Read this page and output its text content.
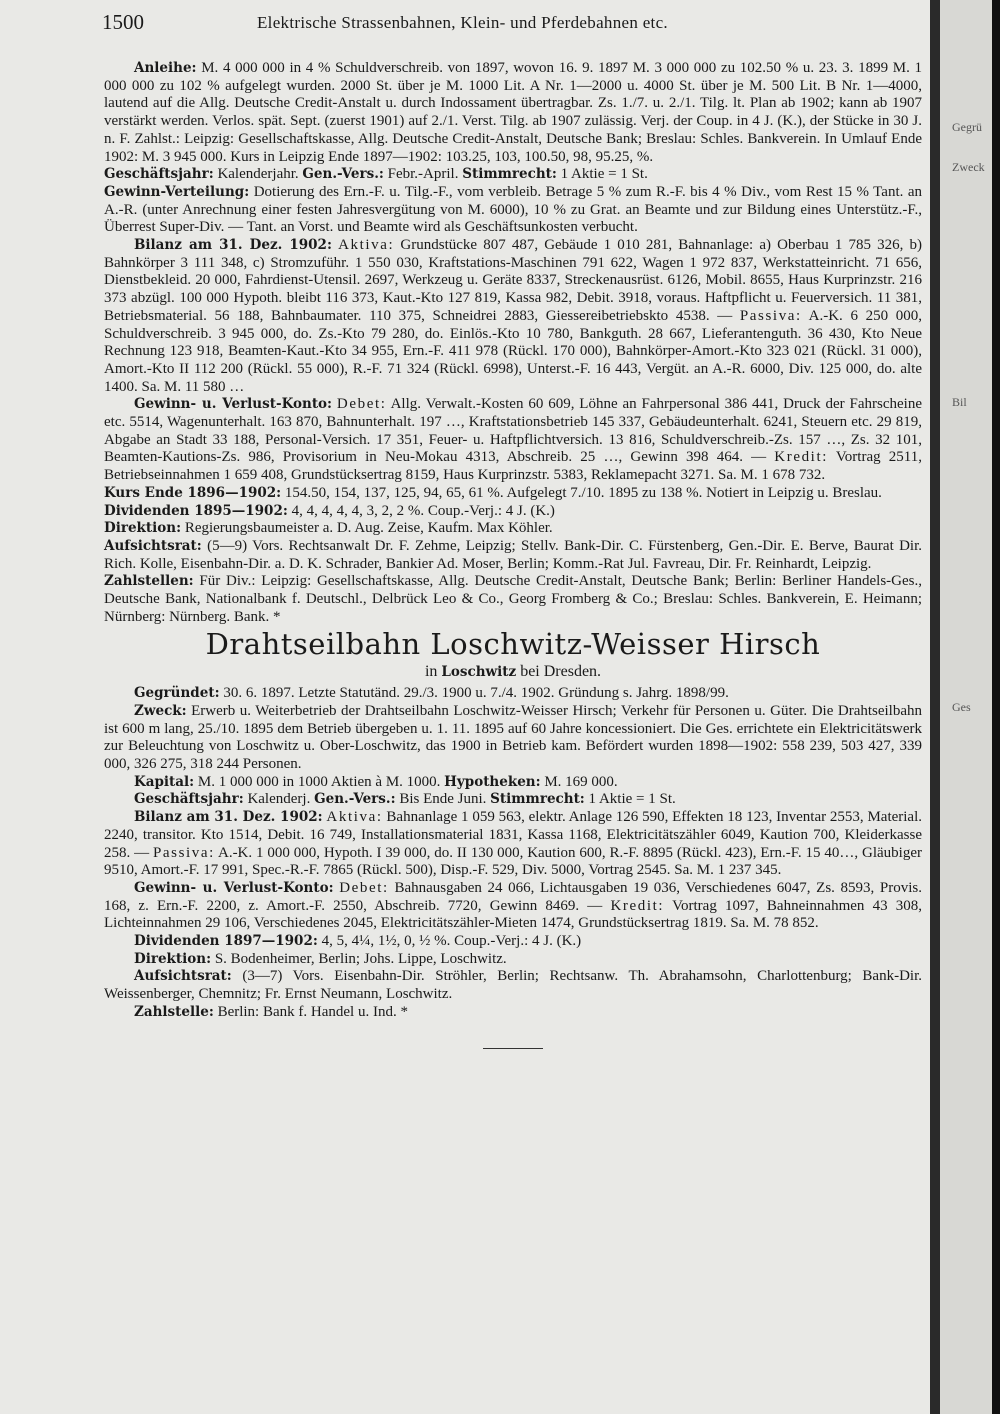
1500	Elektrische Strassenbahnen, Klein- und Pferdebahnen etc.

Anleihe: M. 4 000 000 in 4 % Schuldverschreib. von 1897, wovon 16. 9. 1897 M. 3 000 000 zu 102.50 % u. 23. 3. 1899 M. 1 000 000 zu 102 % aufgelegt wurden. 2000 St. über je M. 1000 Lit. A Nr. 1—2000 u. 4000 St. über je M. 500 Lit. B Nr. 1—4000, lautend auf die Allg. Deutsche Credit-Anstalt u. durch Indossament übertragbar. Zs. 1./7. u. 2./1. Tilg. lt. Plan ab 1902; kann ab 1907 verstärkt werden. Verlos. spät. Sept. (zuerst 1901) auf 2./1. Verst. Tilg. ab 1907 zulässig. Verj. der Coup. in 4 J. (K.), der Stücke in 30 J. n. F. Zahlst.: Leipzig: Gesellschaftskasse, Allg. Deutsche Credit-Anstalt, Deutsche Bank; Breslau: Schles. Bankverein. In Umlauf Ende 1902: M. 3 945 000. Kurs in Leipzig Ende 1897—1902: 103.25, 103, 100.50, 98, 95.25, %.

Geschäftsjahr: Kalenderjahr. Gen.-Vers.: Febr.-April. Stimmrecht: 1 Aktie = 1 St.

Gewinn-Verteilung: Dotierung des Ern.-F. u. Tilg.-F., vom verbleib. Betrage 5 % zum R.-F. bis 4 % Div., vom Rest 15 % Tant. an A.-R. (unter Anrechnung einer festen Jahresvergütung von M. 6000), 10 % zu Grat. an Beamte und zur Bildung eines Unterstütz.-F., Überrest Super-Div. — Tant. an Vorst. und Beamte wird als Geschäftsunkosten verbucht.

Bilanz am 31. Dez. 1902: Aktiva: Grundstücke 807 487, Gebäude 1 010 281, Bahnanlage: a) Oberbau 1 785 326, b) Bahnkörper 3 111 348, c) Stromzuführ. 1 550 030, Kraftstations-Maschinen 791 622, Wagen 1 972 837, Werkstatteinricht. 71 656, Dienstbekleid. 20 000, Fahrdienst-Utensil. 2697, Werkzeug u. Geräte 8337, Streckenausrüst. 6126, Mobil. 8655, Haus Kurprinzstr. 216 373 abzügl. 100 000 Hypoth. bleibt 116 373, Kaut.-Kto 127 819, Kassa 982, Debit. 3918, voraus. Haftpflicht u. Feuerversich. 11 381, Betriebsmaterial. 56 188, Bahnbaumater. 110 375, Schneidrei 2883, Giessereibetriebskto 4538. — Passiva: A.-K. 6 250 000, Schuldverschreib. 3 945 000, do. Zs.-Kto 79 280, do. Einlös.-Kto 10 780, Bankguth. 28 667, Lieferantenguth. 36 430, Kto Neue Rechnung 123 918, Beamten-Kaut.-Kto 34 955, Ern.-F. 411 978 (Rückl. 170 000), Bahnkörper-Amort.-Kto 323 021 (Rückl. 31 000), Amort.-Kto II 112 200 (Rückl. 55 000), R.-F. 71 324 (Rückl. 6998), Unterst.-F. 16 443, Vergüt. an A.-R. 6000, Div. 125 000, do. alte 1400. Sa. M. 11 580 …

Gewinn- u. Verlust-Konto: Debet: Allg. Verwalt.-Kosten 60 609, Löhne an Fahrpersonal 386 441, Druck der Fahrscheine etc. 5514, Wagenunterhalt. 163 870, Bahnunterhalt. 197 …, Kraftstationsbetrieb 145 337, Gebäudeunterhalt. 6241, Steuern etc. 29 819, Abgabe an Stadt 33 188, Personal-Versich. 17 351, Feuer- u. Haftpflichtversich. 13 816, Schuldverschreib.-Zs. 157 …, Zs. 32 101, Beamten-Kautions-Zs. 986, Provisorium in Neu-Mokau 4313, Abschreib. 25 …, Gewinn 398 464. — Kredit: Vortrag 2511, Betriebseinnahmen 1 659 408, Grundstücksertrag 8159, Haus Kurprinzstr. 5383, Reklamepacht 3271. Sa. M. 1 678 732.

Kurs Ende 1896—1902: 154.50, 154, 137, 125, 94, 65, 61 %. Aufgelegt 7./10. 1895 zu 138 %. Notiert in Leipzig u. Breslau.

Dividenden 1895—1902: 4, 4, 4, 4, 4, 3, 2, 2 %. Coup.-Verj.: 4 J. (K.)

Direktion: Regierungsbaumeister a. D. Aug. Zeise, Kaufm. Max Köhler.

Aufsichtsrat: (5—9) Vors. Rechtsanwalt Dr. F. Zehme, Leipzig; Stellv. Bank-Dir. C. Fürstenberg, Gen.-Dir. E. Berve, Baurat Dir. Rich. Kolle, Eisenbahn-Dir. a. D. K. Schrader, Bankier Ad. Moser, Berlin; Komm.-Rat Jul. Favreau, Dir. Fr. Reinhardt, Leipzig.

Zahlstellen: Für Div.: Leipzig: Gesellschaftskasse, Allg. Deutsche Credit-Anstalt, Deutsche Bank; Berlin: Berliner Handels-Ges., Deutsche Bank, Nationalbank f. Deutschl., Delbrück Leo & Co., Georg Fromberg & Co.; Breslau: Schles. Bankverein, E. Heimann; Nürnberg: Nürnberg. Bank. *

Drahtseilbahn Loschwitz-Weisser Hirsch

in Loschwitz bei Dresden.

Gegründet: 30. 6. 1897. Letzte Statutänd. 29./3. 1900 u. 7./4. 1902. Gründung s. Jahrg. 1898/99.

Zweck: Erwerb u. Weiterbetrieb der Drahtseilbahn Loschwitz-Weisser Hirsch; Verkehr für Personen u. Güter. Die Drahtseilbahn ist 600 m lang, 25./10. 1895 dem Betrieb übergeben u. 1. 11. 1895 auf 60 Jahre koncessioniert. Die Ges. errichtete ein Elektricitätswerk zur Beleuchtung von Loschwitz u. Ober-Loschwitz, das 1900 in Betrieb kam. Befördert wurden 1898—1902: 558 239, 503 427, 339 000, 326 275, 318 244 Personen.

Kapital: M. 1 000 000 in 1000 Aktien à M. 1000. Hypotheken: M. 169 000.

Geschäftsjahr: Kalenderj. Gen.-Vers.: Bis Ende Juni. Stimmrecht: 1 Aktie = 1 St.

Bilanz am 31. Dez. 1902: Aktiva: Bahnanlage 1 059 563, elektr. Anlage 126 590, Effekten 18 123, Inventar 2553, Material. 2240, transitor. Kto 1514, Debit. 16 749, Installationsmaterial 1831, Kassa 1168, Elektricitätszähler 6049, Kaution 700, Kleiderkasse 258. — Passiva: A.-K. 1 000 000, Hypoth. I 39 000, do. II 130 000, Kaution 600, R.-F. 8895 (Rückl. 423), Ern.-F. 15 40…, Gläubiger 9510, Amort.-F. 17 991, Spec.-R.-F. 7865 (Rückl. 500), Disp.-F. 529, Div. 5000, Vortrag 2545. Sa. M. 1 237 345.

Gewinn- u. Verlust-Konto: Debet: Bahnausgaben 24 066, Lichtausgaben 19 036, Verschiedenes 6047, Zs. 8593, Provis. 168, z. Ern.-F. 2200, z. Amort.-F. 2550, Abschreib. 7720, Gewinn 8469. — Kredit: Vortrag 1097, Bahneinnahmen 43 308, Lichteinnahmen 29 106, Verschiedenes 2045, Elektricitätszähler-Mieten 1474, Grundstücksertrag 1819. Sa. M. 78 852.

Dividenden 1897—1902: 4, 5, 4¼, 1½, 0, ½ %. Coup.-Verj.: 4 J. (K.)

Direktion: S. Bodenheimer, Berlin; Johs. Lippe, Loschwitz.

Aufsichtsrat: (3—7) Vors. Eisenbahn-Dir. Ströhler, Berlin; Rechtsanw. Th. Abrahamsohn, Charlottenburg; Bank-Dir. Weissenberger, Chemnitz; Fr. Ernst Neumann, Loschwitz.

Zahlstelle: Berlin: Bank f. Handel u. Ind. *

Gegrü
Zweck
Bil
Ges
